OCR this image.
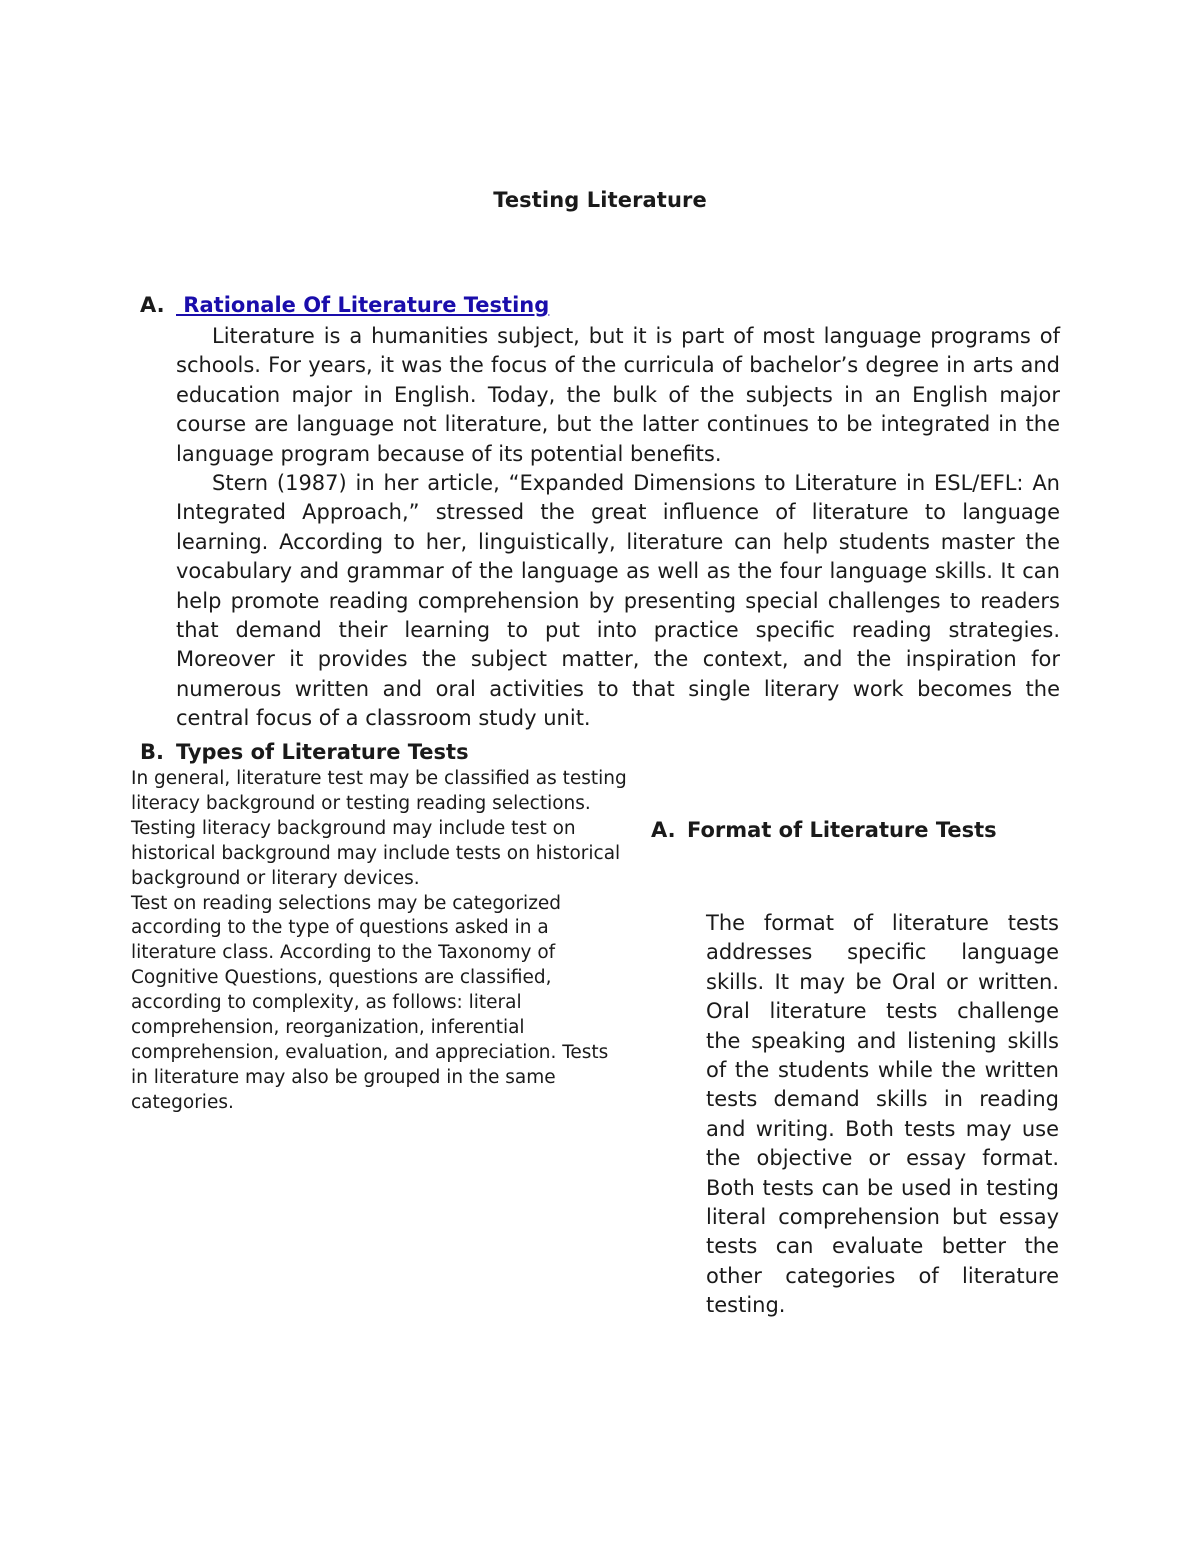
Testing Literature
A. Rationale Of Literature Testing

Literature is a humanities subject, but it is part of most language programs of schools. For years, it was the focus of the curricula of bachelor’s degree in arts and education major in English. Today, the bulk of the subjects in an English major course are language not literature, but the latter continues to be integrated in the language program because of its potential benefits.

Stern (1987) in her article, “Expanded Dimensions to Literature in ESL/EFL: An Integrated Approach,” stressed the great influence of literature to language learning. According to her, linguistically, literature can help students master the vocabulary and grammar of the language as well as the four language skills. It can help promote reading comprehension by presenting special challenges to readers that demand their learning to put into practice specific reading strategies. Moreover it provides the subject matter, the context, and the inspiration for numerous written and oral activities to that single literary work becomes the central focus of a classroom study unit.

B. Types of Literature Tests

In general, literature test may be classified as testing literacy background or testing reading selections. Testing literacy background may include test on historical background may include tests on historical background or literary devices.

Test on reading selections may be categorized according to the type of questions asked in a literature class. According to the Taxonomy of Cognitive Questions, questions are classified, according to complexity, as follows: literal comprehension, reorganization, inferential comprehension, evaluation, and appreciation. Tests in literature may also be grouped in the same categories.

A. Format of Literature Tests

The format of literature tests addresses specific language skills. It may be Oral or written. Oral literature tests challenge the speaking and listening skills of the students while the written tests demand skills in reading and writing. Both tests may use the objective or essay format. Both tests can be used in testing literal comprehension but essay tests can evaluate better the other categories of literature testing.
